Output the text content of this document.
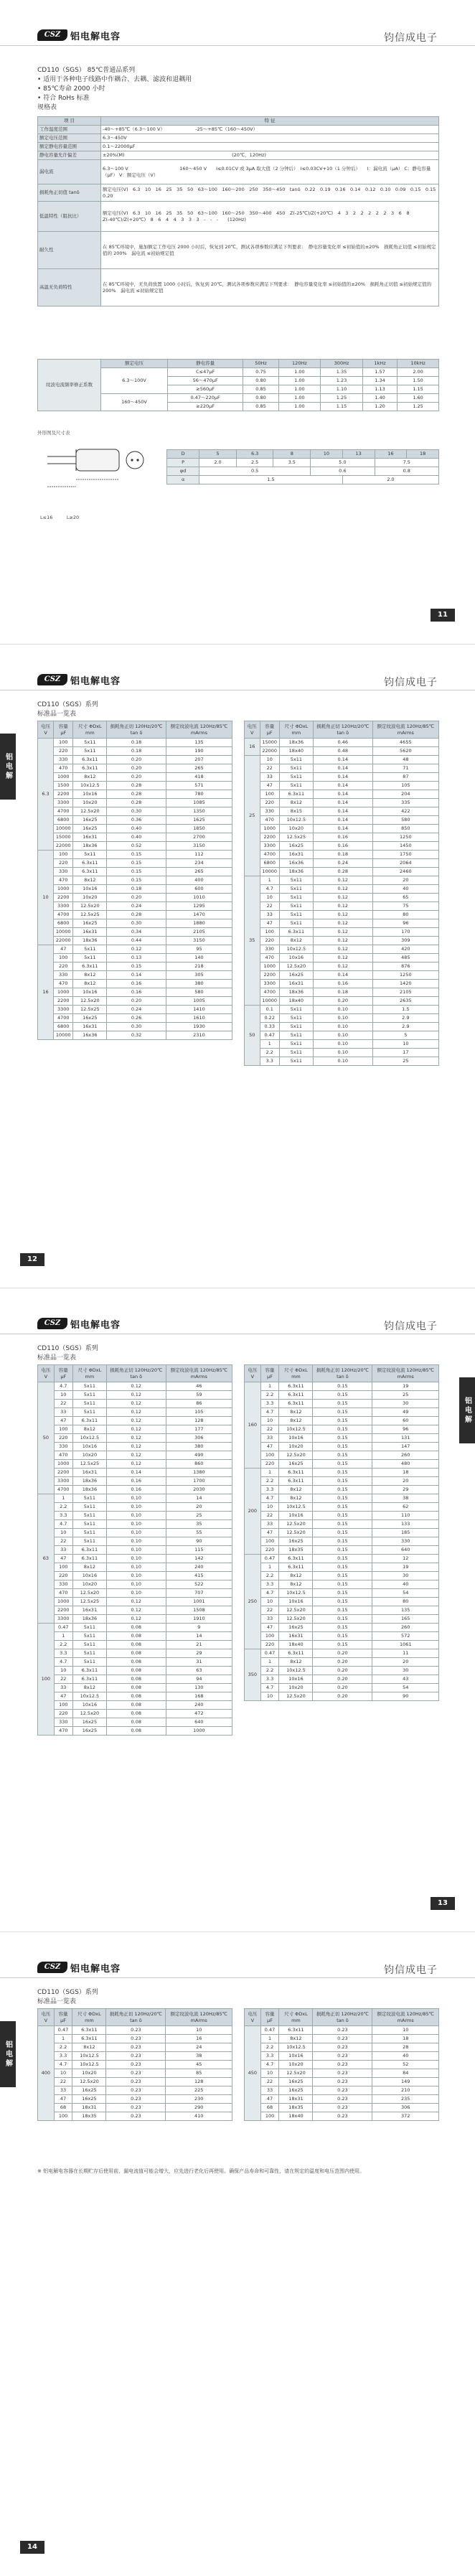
CSZ	铝电解电容	钧信成电子
CD110（SGS） 85℃普通品系列
• 适用于各种电子线路中作耦合、去耦、滤波和退耦用
• 85℃寿命 2000 小时
• 符合 RoHs 标准
规格表
项 目	特 征
工作温度范围	-40～+85℃（6.3～100 V）　　　　　　　-25～+85℃（160～450V）
额定电压范围	6.3～450V
额定静电容量范围	0.1～22000μF
静电容量允许偏差	±20%(M)　　　　　　　　　　　　　　　　　　　　　　　(20℃，120Hz)
漏电流	6.3～100 V　　　　　　　　　　　160～450 V　　I≤0.01CV 或 3μA 取大值（2 分钟后）　I≤0.03CV+10（1 分钟后）　　I：漏电流（μA） C：静电容量（μF） V：额定电压（V）
损耗角正切值 tanδ	额定电压(V)　6.3　10　16　25　35　50　63～100　160～200　250　350～450　tanδ　0.22　0.19　0.16　0.14　0.12　0.10　0.09　0.15　0.15　0.20
低温特性（阻抗比）	额定电压(V)　6.3　10　16　25　35　50　63～100　160～250　350～400　450　Z(-25℃)/Z(+20℃)　4　3　2　2　2　2　2　3　6　8　Z(-40℃)/Z(+20℃)　8　6　4　4　3　3　3　-　-　-　　(120Hz)
耐久性	在 85℃环境中，施加额定工作电压 2000 小时后，恢复到 20℃，测试各项参数应满足下列要求：　静电容量变化率 ≤初始值的±20%　损耗角正切值 ≤初始规定值的 200%　漏电流 ≤初始规定值
高温无负荷特性	在 85℃环境中，无负荷放置 1000 小时后，恢复到 20℃，测试各项参数应满足下列要求：　静电容量变化率 ≤初始值的±20%　损耗角正切值 ≤初始规定值的 200%　漏电流 ≤初始规定值
纹波电流频率修正系数	额定电压	静电容量	50Hz	120Hz	300Hz	1kHz	10kHz
	6.3～100V	C≤47μF	0.75	1.00	1.35	1.57	2.00
		56～470μF	0.80	1.00	1.23	1.34	1.50
		≥560μF	0.85	1.00	1.10	1.13	1.15
	160～450V	0.47～220μF	0.80	1.00	1.25	1.40	1.60
		≥220μF	0.85	1.00	1.15	1.20	1.25
外形图及尺寸表
D	5	6.3	8	10	13	16	18
P	2.0	2.5	3.5	5.0		7.5	
φd	0.5			0.6		0.8	
α	1.5				2.0		
L≤16　　　	L≥20
11
CSZ	铝电解电容	钧信成电子
CD110（SGS）系列
标准品一览表
铝电解
电压 V	容量 μF	尺寸 ΦDxL mm	损耗角正切 120Hz/20℃ tan δ	额定纹波电流 120Hz/85℃ mArms
6.3	100	5x11	0.18	135
	220	5x11	0.18	190
	330	6.3x11	0.20	207
	470	6.3x11	0.20	265
	1000	8x12	0.20	418
	1500	10x12.5	0.28	571
	2200	10x16	0.28	780
	3300	10x20	0.28	1085
	4700	12.5x20	0.30	1350
	6800	16x25	0.36	1625
	10000	16x25	0.40	1850
	15000	16x31	0.40	2700
	22000	18x36	0.52	3150
10	100	5x11	0.15	112
	220	6.3x11	0.15	234
	330	6.3x11	0.15	265
	470	8x12	0.15	400
	1000	10x16	0.18	600
	2200	10x20	0.20	1010
	3300	12.5x20	0.24	1295
	4700	12.5x25	0.28	1470
	6800	16x25	0.30	1880
	10000	16x31	0.34	2105
	22000	18x36	0.44	3150
16	47	5x11	0.12	95
	100	5x11	0.13	140
	220	6.3x11	0.15	218
	330	8x12	0.14	305
	470	8x12	0.16	380
	1000	10x16	0.16	580
	2200	12.5x20	0.20	1005
	3300	12.5x25	0.24	1410
	4700	16x25	0.26	1610
	6800	16x31	0.30	1930
	10000	16x36	0.32	2310
电压 V	容量 μF	尺寸 ΦDxL mm	损耗角正切 120Hz/20℃ tan δ	额定纹波电流 120Hz/85℃ mArms
16	15000	18x36	0.46	4655
	22000	18x40	0.48	5620
25	10	5x11	0.14	48
	22	5x11	0.14	71
	33	5x11	0.14	87
	47	5x11	0.14	105
	100	6.3x11	0.14	204
	220	8x12	0.14	335
	330	8x15	0.14	422
	470	10x12.5	0.14	580
	1000	10x20	0.14	850
	2200	12.5x25	0.16	1250
	3300	16x25	0.16	1450
	4700	16x31	0.18	1750
	6800	16x36	0.24	2064
	10000	18x36	0.28	2460
35	1	5x11	0.12	20
	4.7	5x11	0.12	40
	10	5x11	0.12	65
	22	5x11	0.12	75
	33	5x11	0.12	80
	47	5x11	0.12	96
	100	6.3x11	0.12	170
	220	8x12	0.12	309
	330	10x12.5	0.12	420
	470	10x16	0.12	485
	1000	12.5x20	0.12	876
	2200	16x25	0.14	1250
	3300	16x31	0.16	1420
	4700	18x36	0.18	2105
	10000	18x40	0.20	2635
50	0.1	5x11	0.10	1.5
	0.22	5x11	0.10	2.9
	0.33	5x11	0.10	2.9
	0.47	5x11	0.10	5
	1	5x11	0.10	10
	2.2	5x11	0.10	17
	3.3	5x11	0.10	25
12
CSZ	铝电解电容	钧信成电子
CD110（SGS）系列
标准品一览表
铝电解
电压 V	容量 μF	尺寸 ΦDxL mm	损耗角正切 120Hz/20℃ tan δ	额定纹波电流 120Hz/85℃ mArms
50	4.7	5x11	0.12	46
	10	5x11	0.12	59
	22	5x11	0.12	86
	33	5x11	0.12	105
	47	6.3x11	0.12	128
	100	8x12	0.12	177
	220	10x12.5	0.12	306
	330	10x16	0.12	380
	470	10x20	0.12	490
	1000	12.5x25	0.12	860
	2200	16x31	0.14	1380
	3300	18x36	0.16	1700
	4700	18x36	0.16	2030
63	1	5x11	0.10	14
	2.2	5x11	0.10	20
	3.3	5x11	0.10	25
	4.7	5x11	0.10	35
	10	5x11	0.10	55
	22	5x11	0.10	90
	33	6.3x11	0.10	115
	47	6.3x11	0.10	142
	100	8x12	0.10	240
	220	10x16	0.10	415
	330	10x20	0.10	522
	470	12.5x20	0.10	707
	1000	12.5x25	0.12	1001
	2200	16x31	0.12	1508
	3300	18x36	0.12	1910
100	0.47	5x11	0.08	9
	1	5x11	0.08	14
	2.2	5x11	0.08	21
	3.3	5x11	0.08	29
	4.7	5x11	0.08	31
	10	6.3x11	0.08	63
	22	6.3x11	0.08	94
	33	8x12	0.08	130
	47	10x12.5	0.08	168
	100	10x16	0.08	240
	220	12.5x20	0.08	472
	330	16x25	0.08	640
	470	16x25	0.08	1000
电压 V	容量 μF	尺寸 ΦDxL mm	损耗角正切 120Hz/20℃ tan δ	额定纹波电流 120Hz/85℃ mArms
160	1	6.3x11	0.15	19
	2.2	6.3x11	0.15	25
	3.3	6.3x11	0.15	30
	4.7	8x12	0.15	49
	10	8x12	0.15	60
	22	10x12.5	0.15	96
	33	10x16	0.15	131
	47	10x20	0.15	147
	100	12.5x20	0.15	260
	220	16x25	0.15	480
200	1	6.3x11	0.15	18
	2.2	6.3x11	0.15	20
	3.3	8x12	0.15	29
	4.7	8x12	0.15	38
	10	10x12.5	0.15	62
	22	10x16	0.15	110
	33	12.5x20	0.15	133
	47	12.5x20	0.15	185
	100	16x25	0.15	330
	220	18x35	0.15	640
250	0.47	6.3x11	0.15	12
	1	6.3x11	0.15	19
	2.2	8x12	0.15	30
	3.3	8x12	0.15	40
	4.7	10x12.5	0.15	54
	10	10x16	0.15	80
	22	12.5x20	0.15	135
	33	12.5x20	0.15	165
	47	16x25	0.15	260
	100	16x31	0.15	572
	220	18x40	0.15	1061
350	0.47	6.3x11	0.20	11
	1	8x12	0.20	20
	2.2	10x12.5	0.20	30
	3.3	10x16	0.20	43
	4.7	10x20	0.20	54
	10	12.5x20	0.20	90
13
CSZ	铝电解电容	钧信成电子
CD110（SGS）系列
标准品一览表
铝电解
电压 V	容量 μF	尺寸 ΦDxL mm	损耗角正切 120Hz/20℃ tan δ	额定纹波电流 120Hz/85℃ mArms
400	0.47	6.3x11	0.23	10
	1	6.3x11	0.23	16
	2.2	8x12	0.23	24
	3.3	10x12.5	0.23	38
	4.7	10x12.5	0.23	45
	10	10x20	0.23	85
	22	12.5x20	0.23	128
	33	16x25	0.23	225
	47	16x25	0.23	230
	68	18x31	0.23	290
	100	18x35	0.23	410
电压 V	容量 μF	尺寸 ΦDxL mm	损耗角正切 120Hz/20℃ tan δ	额定纹波电流 120Hz/85℃ mArms
450	0.47	6.3x11	0.23	10
	1	8x12	0.23	18
	2.2	10x12.5	0.23	28
	3.3	10x16	0.23	40
	4.7	10x20	0.23	52
	10	12.5x20	0.23	84
	22	16x25	0.23	149
	33	16x25	0.23	210
	47	18x31	0.23	235
	68	18x35	0.23	306
	100	18x40	0.23	372
※ 铝电解电容器在长期贮存后使用前，漏电流值可能会增大，应先进行老化后再使用。确保产品寿命和可靠性，请在规定的温度和电压范围内使用。
14
